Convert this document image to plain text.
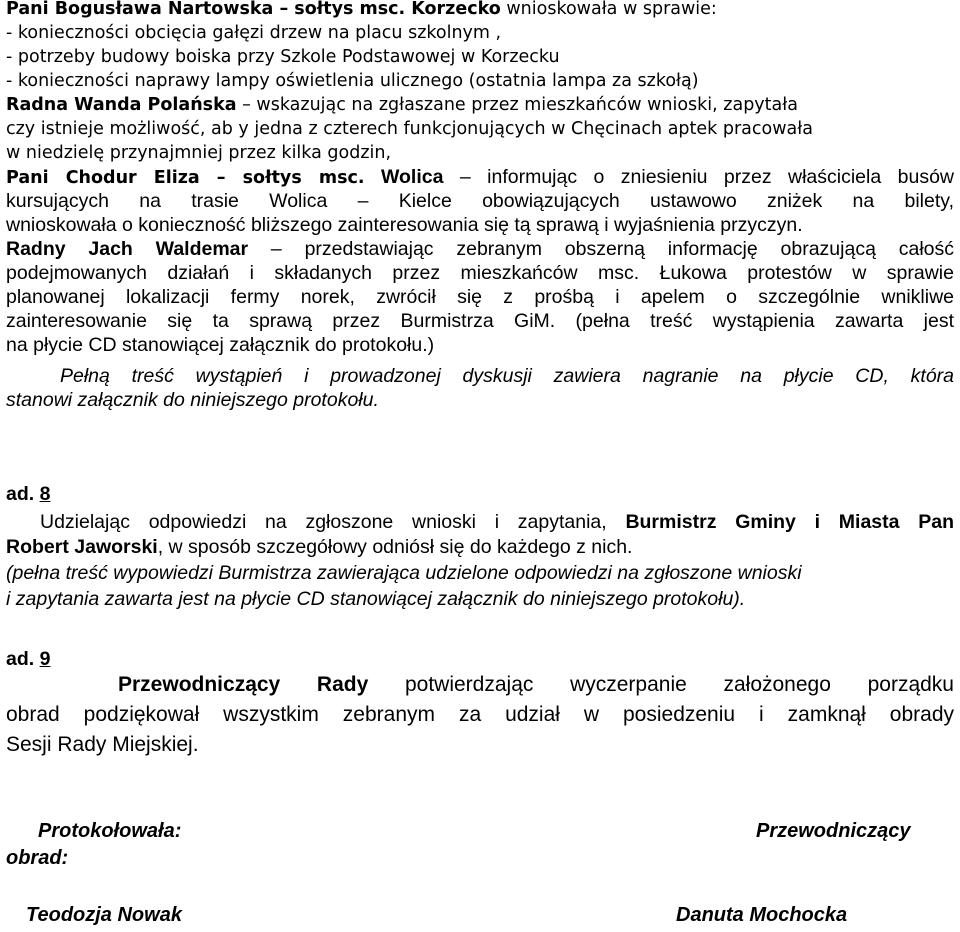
Pani Bogusława Nartowska – sołtys msc. Korzecko wnioskowała w sprawie:
- konieczności obcięcia gałęzi drzew na placu szkolnym ,
- potrzeby budowy boiska przy Szkole Podstawowej w Korzecku
- konieczności naprawy lampy oświetlenia ulicznego (ostatnia lampa za szkołą)
Radna Wanda Polańska – wskazując na zgłaszane przez mieszkańców wnioski, zapytała
czy istnieje możliwość, ab y jedna z czterech funkcjonujących w Chęcinach aptek pracowała
w niedzielę przynajmniej przez kilka godzin,
Pani Chodur Eliza – sołtys msc. Wolica – informując o zniesieniu przez właściciela busów
kursujących na trasie Wolica – Kielce obowiązujących ustawowo zniżek na bilety,
wnioskowała o konieczność bliższego zainteresowania się tą sprawą i wyjaśnienia przyczyn.
Radny Jach Waldemar – przedstawiając zebranym obszerną informację obrazującą całość
podejmowanych działań i składanych przez mieszkańców msc. Łukowa protestów w sprawie
planowanej lokalizacji fermy norek, zwrócił się z prośbą i apelem o szczególnie wnikliwe
zainteresowanie się ta sprawą przez Burmistrza GiM. (pełna treść wystąpienia zawarta jest
na płycie CD stanowiącej załącznik do protokołu.)
Pełną treść wystąpień i prowadzonej dyskusji zawiera nagranie na płycie CD, która
stanowi załącznik do niniejszego protokołu.
ad. 8
Udzielając odpowiedzi na zgłoszone wnioski i zapytania, Burmistrz Gminy i Miasta Pan
Robert Jaworski, w sposób szczegółowy odniósł się do każdego z nich.
(pełna treść wypowiedzi Burmistrza zawierająca udzielone odpowiedzi na zgłoszone wnioski
i zapytania zawarta jest na płycie CD stanowiącej załącznik do niniejszego protokołu).
ad. 9
Przewodniczący Rady potwierdzając wyczerpanie założonego porządku
obrad podziękował wszystkim zebranym za udział w posiedzeniu i zamknął obrady
Sesji Rady Miejskiej.
Protokołowała:
obrad:
Przewodniczący
Teodozja Nowak	Danuta Mochocka
